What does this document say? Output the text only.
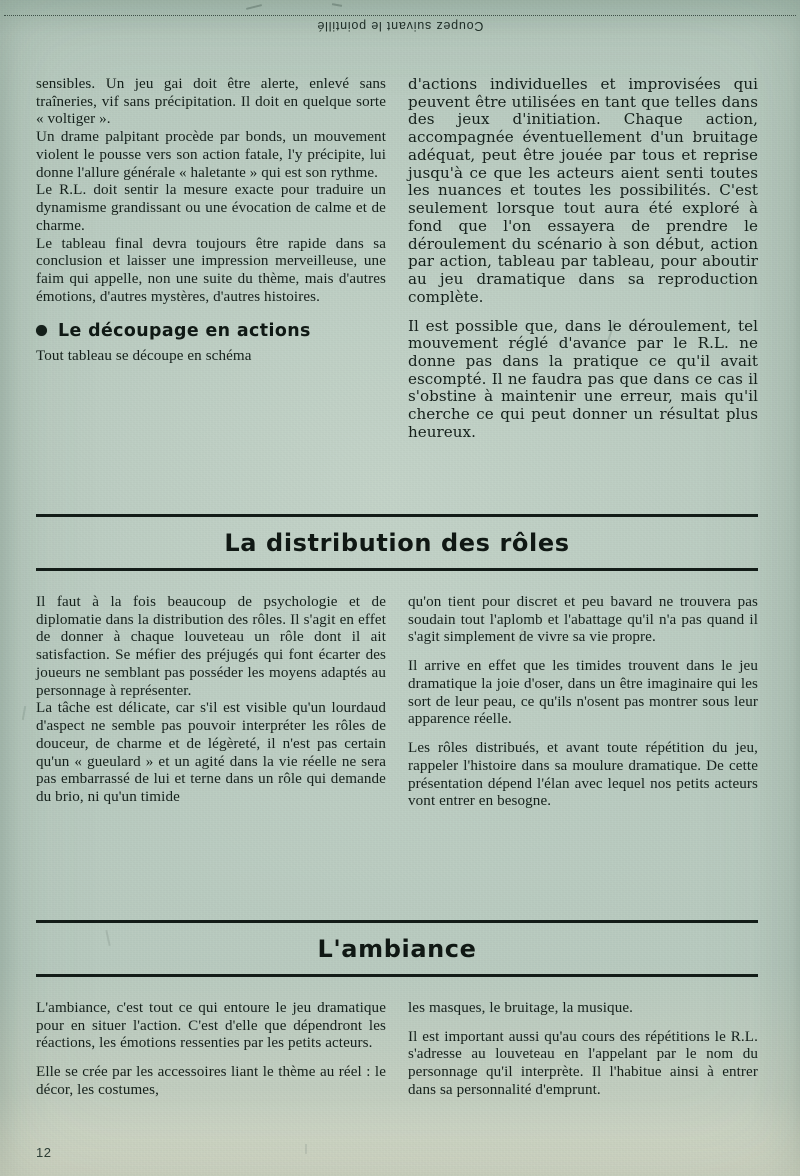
Coupez suivant le pointillé

sensibles. Un jeu gai doit être alerte, enlevé sans traîneries, vif sans précipitation. Il doit en quelque sorte « voltiger ».

Un drame palpitant procède par bonds, un mouvement violent le pousse vers son action fatale, l'y précipite, lui donne l'allure générale « haletante » qui est son rythme.

Le R.L. doit sentir la mesure exacte pour traduire un dynamisme grandissant ou une évocation de calme et de charme.

Le tableau final devra toujours être rapide dans sa conclusion et laisser une impression merveilleuse, une faim qui appelle, non une suite du thème, mais d'autres émotions, d'autres mystères, d'autres histoires.

Le découpage en actions

Tout tableau se découpe en schéma

d'actions individuelles et improvisées qui peuvent être utilisées en tant que telles dans des jeux d'initiation. Chaque action, accompagnée éventuellement d'un bruitage adéquat, peut être jouée par tous et reprise jusqu'à ce que les acteurs aient senti toutes les nuances et toutes les possibilités. C'est seulement lorsque tout aura été exploré à fond que l'on essayera de prendre le déroulement du scénario à son début, action par action, tableau par tableau, pour aboutir au jeu dramatique dans sa reproduction complète.

Il est possible que, dans le déroulement, tel mouvement réglé d'avance par le R.L. ne donne pas dans la pratique ce qu'il avait escompté. Il ne faudra pas que dans ce cas il s'obstine à maintenir une erreur, mais qu'il cherche ce qui peut donner un résultat plus heureux.

La distribution des rôles

Il faut à la fois beaucoup de psychologie et de diplomatie dans la distribution des rôles. Il s'agit en effet de donner à chaque louveteau un rôle dont il ait satisfaction. Se méfier des préjugés qui font écarter des joueurs ne semblant pas posséder les moyens adaptés au personnage à représenter.

La tâche est délicate, car s'il est visible qu'un lourdaud d'aspect ne semble pas pouvoir interpréter les rôles de douceur, de charme et de légèreté, il n'est pas certain qu'un « gueulard » et un agité dans la vie réelle ne sera pas embarrassé de lui et terne dans un rôle qui demande du brio, ni qu'un timide

qu'on tient pour discret et peu bavard ne trouvera pas soudain tout l'aplomb et l'abattage qu'il n'a pas quand il s'agit simplement de vivre sa vie propre.

Il arrive en effet que les timides trouvent dans le jeu dramatique la joie d'oser, dans un être imaginaire qui les sort de leur peau, ce qu'ils n'osent pas montrer sous leur apparence réelle.

Les rôles distribués, et avant toute répétition du jeu, rappeler l'histoire dans sa moulure dramatique. De cette présentation dépend l'élan avec lequel nos petits acteurs vont entrer en besogne.

L'ambiance

L'ambiance, c'est tout ce qui entoure le jeu dramatique pour en situer l'action. C'est d'elle que dépendront les réactions, les émotions ressenties par les petits acteurs.

Elle se crée par les accessoires liant le thème au réel : le décor, les costumes,

les masques, le bruitage, la musique.

Il est important aussi qu'au cours des répétitions le R.L. s'adresse au louveteau en l'appelant par le nom du personnage qu'il interprète. Il l'habitue ainsi à entrer dans sa personnalité d'emprunt.

12
